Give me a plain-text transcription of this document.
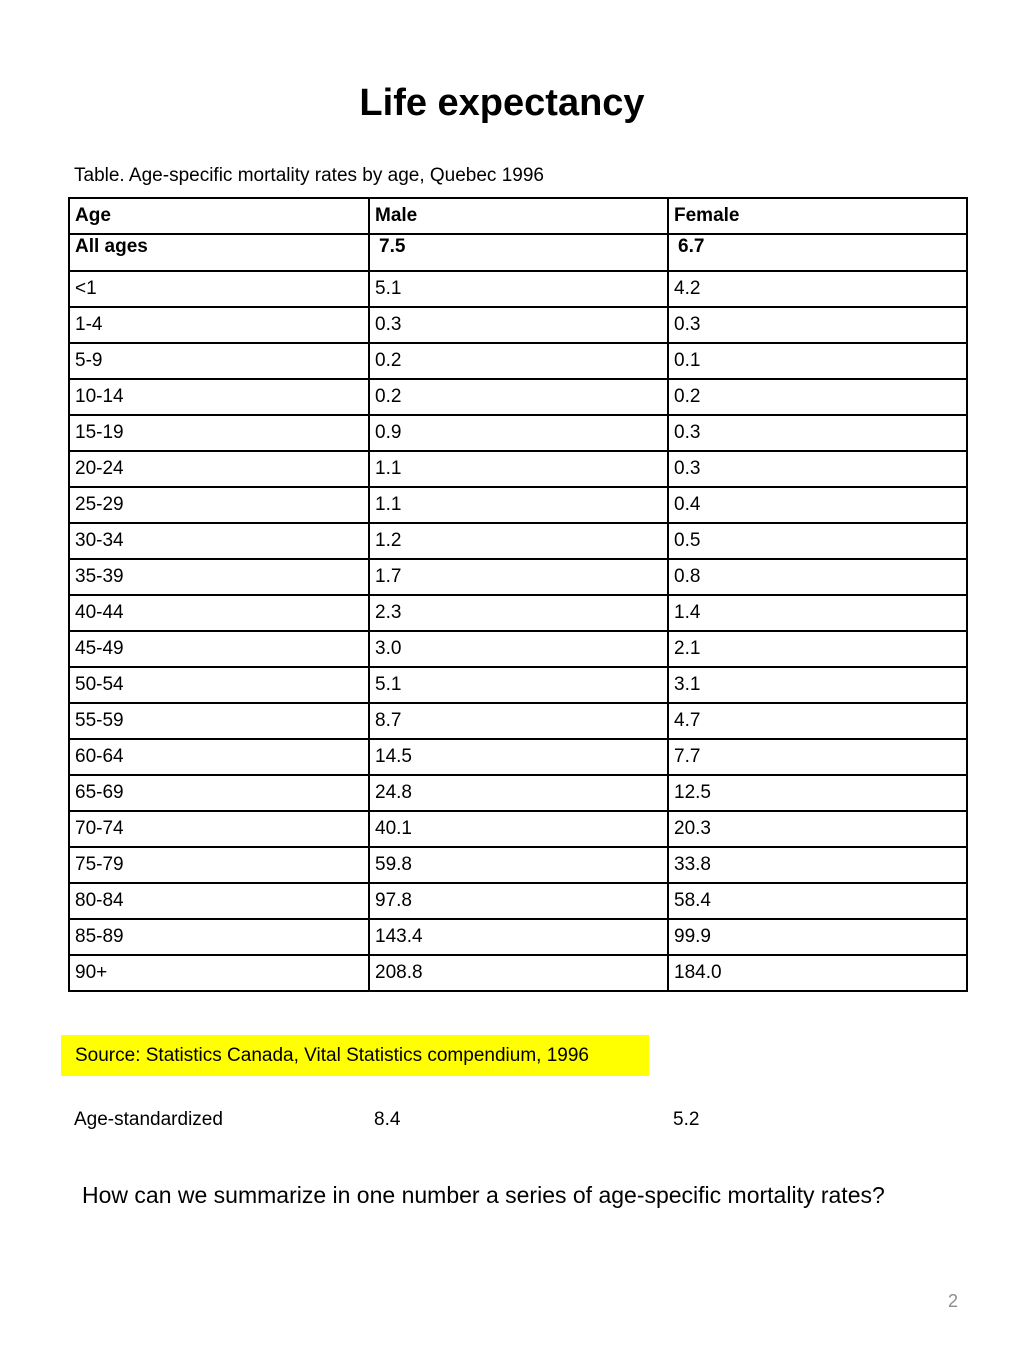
Life expectancy
Table. Age-specific mortality rates by age, Quebec 1996
Age	Male	Female
All ages	7.5	6.7
<1	5.1	4.2
1-4	0.3	0.3
5-9	0.2	0.1
10-14	0.2	0.2
15-19	0.9	0.3
20-24	1.1	0.3
25-29	1.1	0.4
30-34	1.2	0.5
35-39	1.7	0.8
40-44	2.3	1.4
45-49	3.0	2.1
50-54	5.1	3.1
55-59	8.7	4.7
60-64	14.5	7.7
65-69	24.8	12.5
70-74	40.1	20.3
75-79	59.8	33.8
80-84	97.8	58.4
85-89	143.4	99.9
90+	208.8	184.0
Source: Statistics Canada, Vital Statistics compendium, 1996
Age-standardized	8.4	5.2
How can we summarize in one number a series of age-specific mortality rates?
2
